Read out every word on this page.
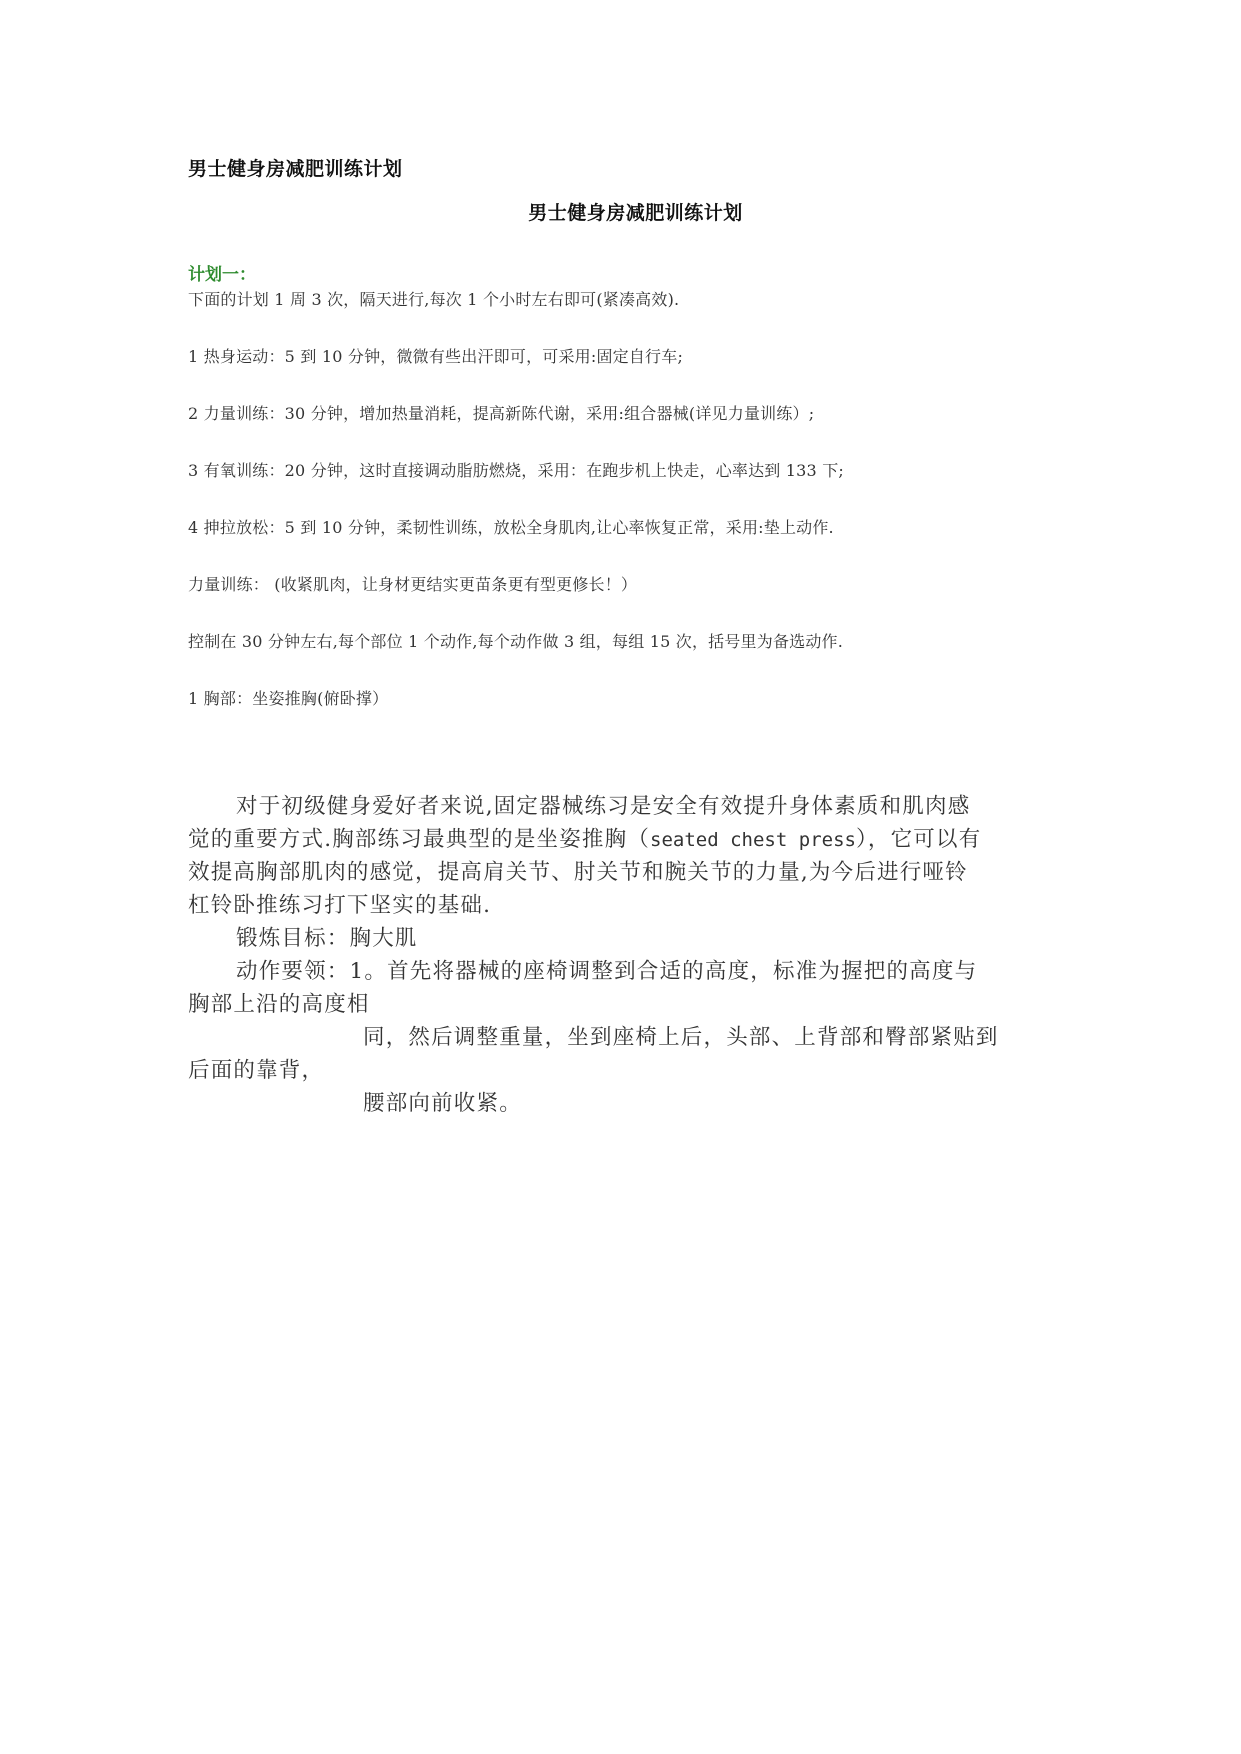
男士健身房减肥训练计划
男士健身房减肥训练计划
计划一：
下面的计划 1 周 3 次，隔天进行,每次 1 个小时左右即可(紧凑高效).
1 热身运动：5 到 10 分钟，微微有些出汗即可，可采用:固定自行车;
2 力量训练：30 分钟，增加热量消耗，提高新陈代谢，采用:组合器械(详见力量训练）;
3 有氧训练：20 分钟，这时直接调动脂肪燃烧，采用：在跑步机上快走，心率达到 133 下;
4 抻拉放松：5 到 10 分钟，柔韧性训练，放松全身肌肉,让心率恢复正常，采用:垫上动作.
力量训练： (收紧肌肉，让身材更结实更苗条更有型更修长！）
控制在 30 分钟左右,每个部位 1 个动作,每个动作做 3 组，每组 15 次，括号里为备选动作.
1 胸部：坐姿推胸(俯卧撑）
对于初级健身爱好者来说,固定器械练习是安全有效提升身体素质和肌肉感
觉的重要方式.胸部练习最典型的是坐姿推胸（seated chest press），它可以有
效提高胸部肌肉的感觉，提高肩关节、肘关节和腕关节的力量,为今后进行哑铃
杠铃卧推练习打下坚实的基础.
锻炼目标：胸大肌
动作要领：1。首先将器械的座椅调整到合适的高度，标准为握把的高度与
胸部上沿的高度相
同，然后调整重量，坐到座椅上后，头部、上背部和臀部紧贴到
后面的靠背，
腰部向前收紧。
